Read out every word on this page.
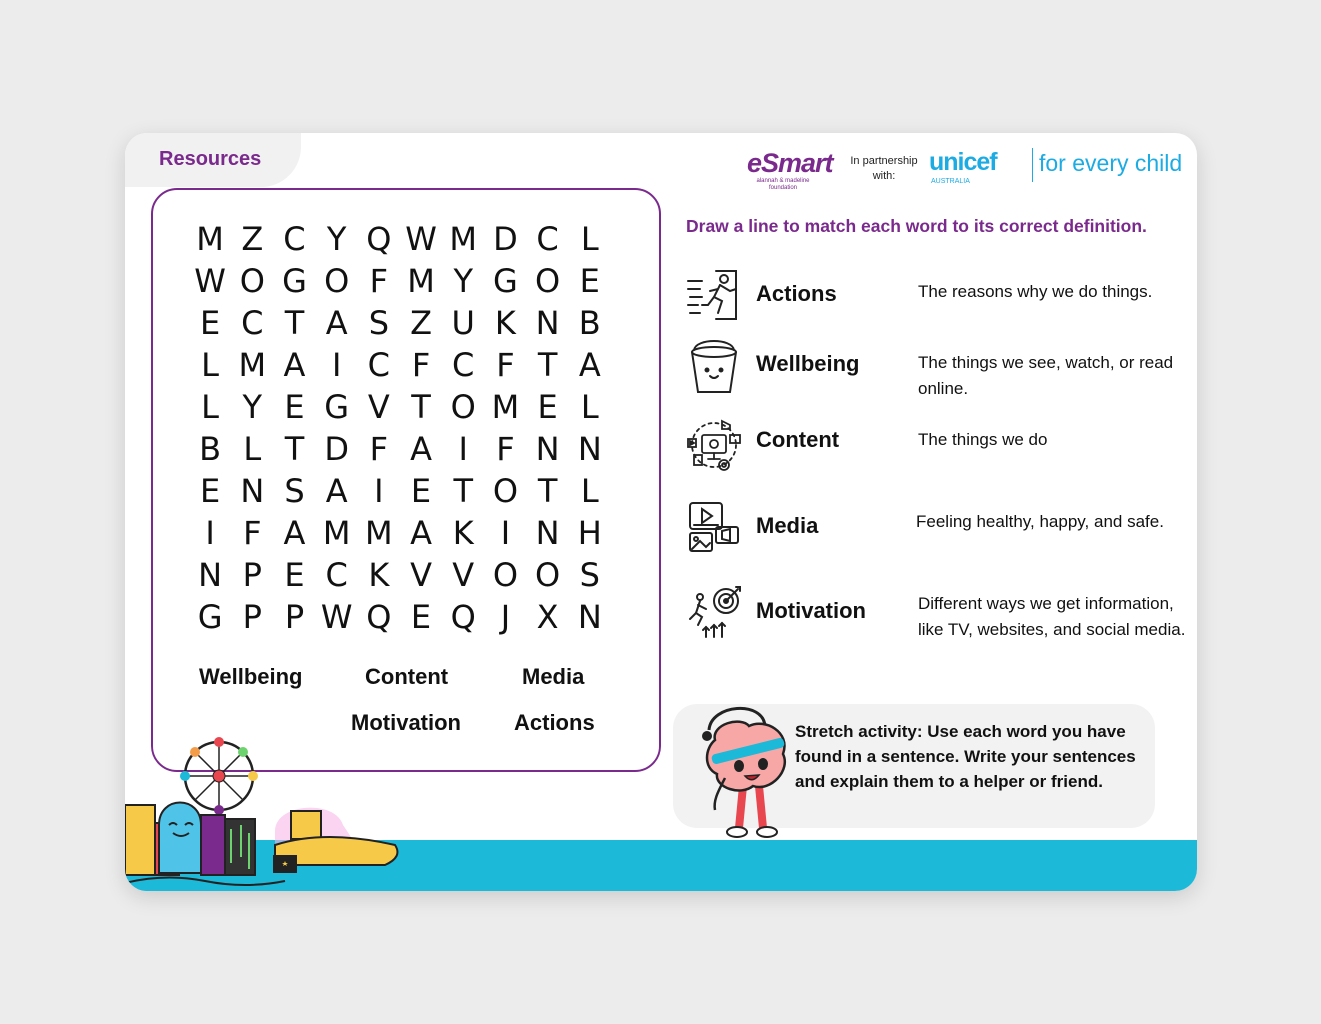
Resources	eSmart
alannah & madeline foundation
In partnership with:	unicef
AUSTRALIA
for every child
M Z C Y Q W M D C L
W O G O F M Y G O E
E C T A S Z U K N B
L M A I C F C F T A
L Y E G V T O M E L
B L T D F A I F N N
E N S A I E T O T L
I F A M M A K I N H
N P E C K V V O O S
G P P W Q E Q J X N
Wellbeing	Content	Media
Motivation Actions
Draw a line to match each word to its correct definition.
Actions	The reasons why we do things.
Wellbeing	The things we see, watch, or read online.
Content	The things we do
Media	Feeling healthy, happy, and safe.
Motivation	Different ways we get information, like TV, websites, and social media.
Stretch activity: Use each word you have found in a sentence. Write your sentences and explain them to a helper or friend.
